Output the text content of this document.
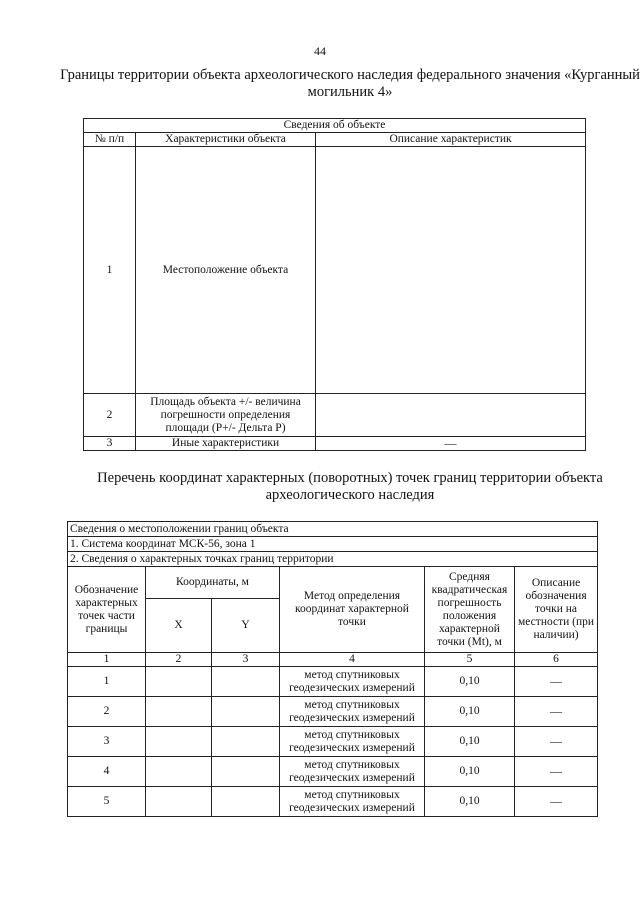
44
Границы территории объекта археологического наследия федерального значения «Курганный могильник 4»
Сведения об объекте		
№ п/п	Характеристики объекта	Описание характеристик
1	Местоположение объекта	
2	Площадь объекта +/- величина погрешности определения площади (P+/- Дельта P)	
3	Иные характеристики	—
Перечень координат характерных (поворотных) точек границ территории объекта археологического наследия
Сведения о местоположении границ объекта					
1. Система координат МСК-56, зона 1					
2. Сведения о характерных точках границ территории					
Обозначение характерных точек части границы	Координаты, м		Метод определения координат характерной точки	Средняя квадратическая погрешность положения характерной точки (Mt), м	Описание обозначения точки на местности (при наличии)
	X	Y			
1	2	3	4	5	6
1			метод спутниковых геодезических измерений	0,10	—
2			метод спутниковых геодезических измерений	0,10	—
3			метод спутниковых геодезических измерений	0,10	—
4			метод спутниковых геодезических измерений	0,10	—
5			метод спутниковых геодезических измерений	0,10	—
